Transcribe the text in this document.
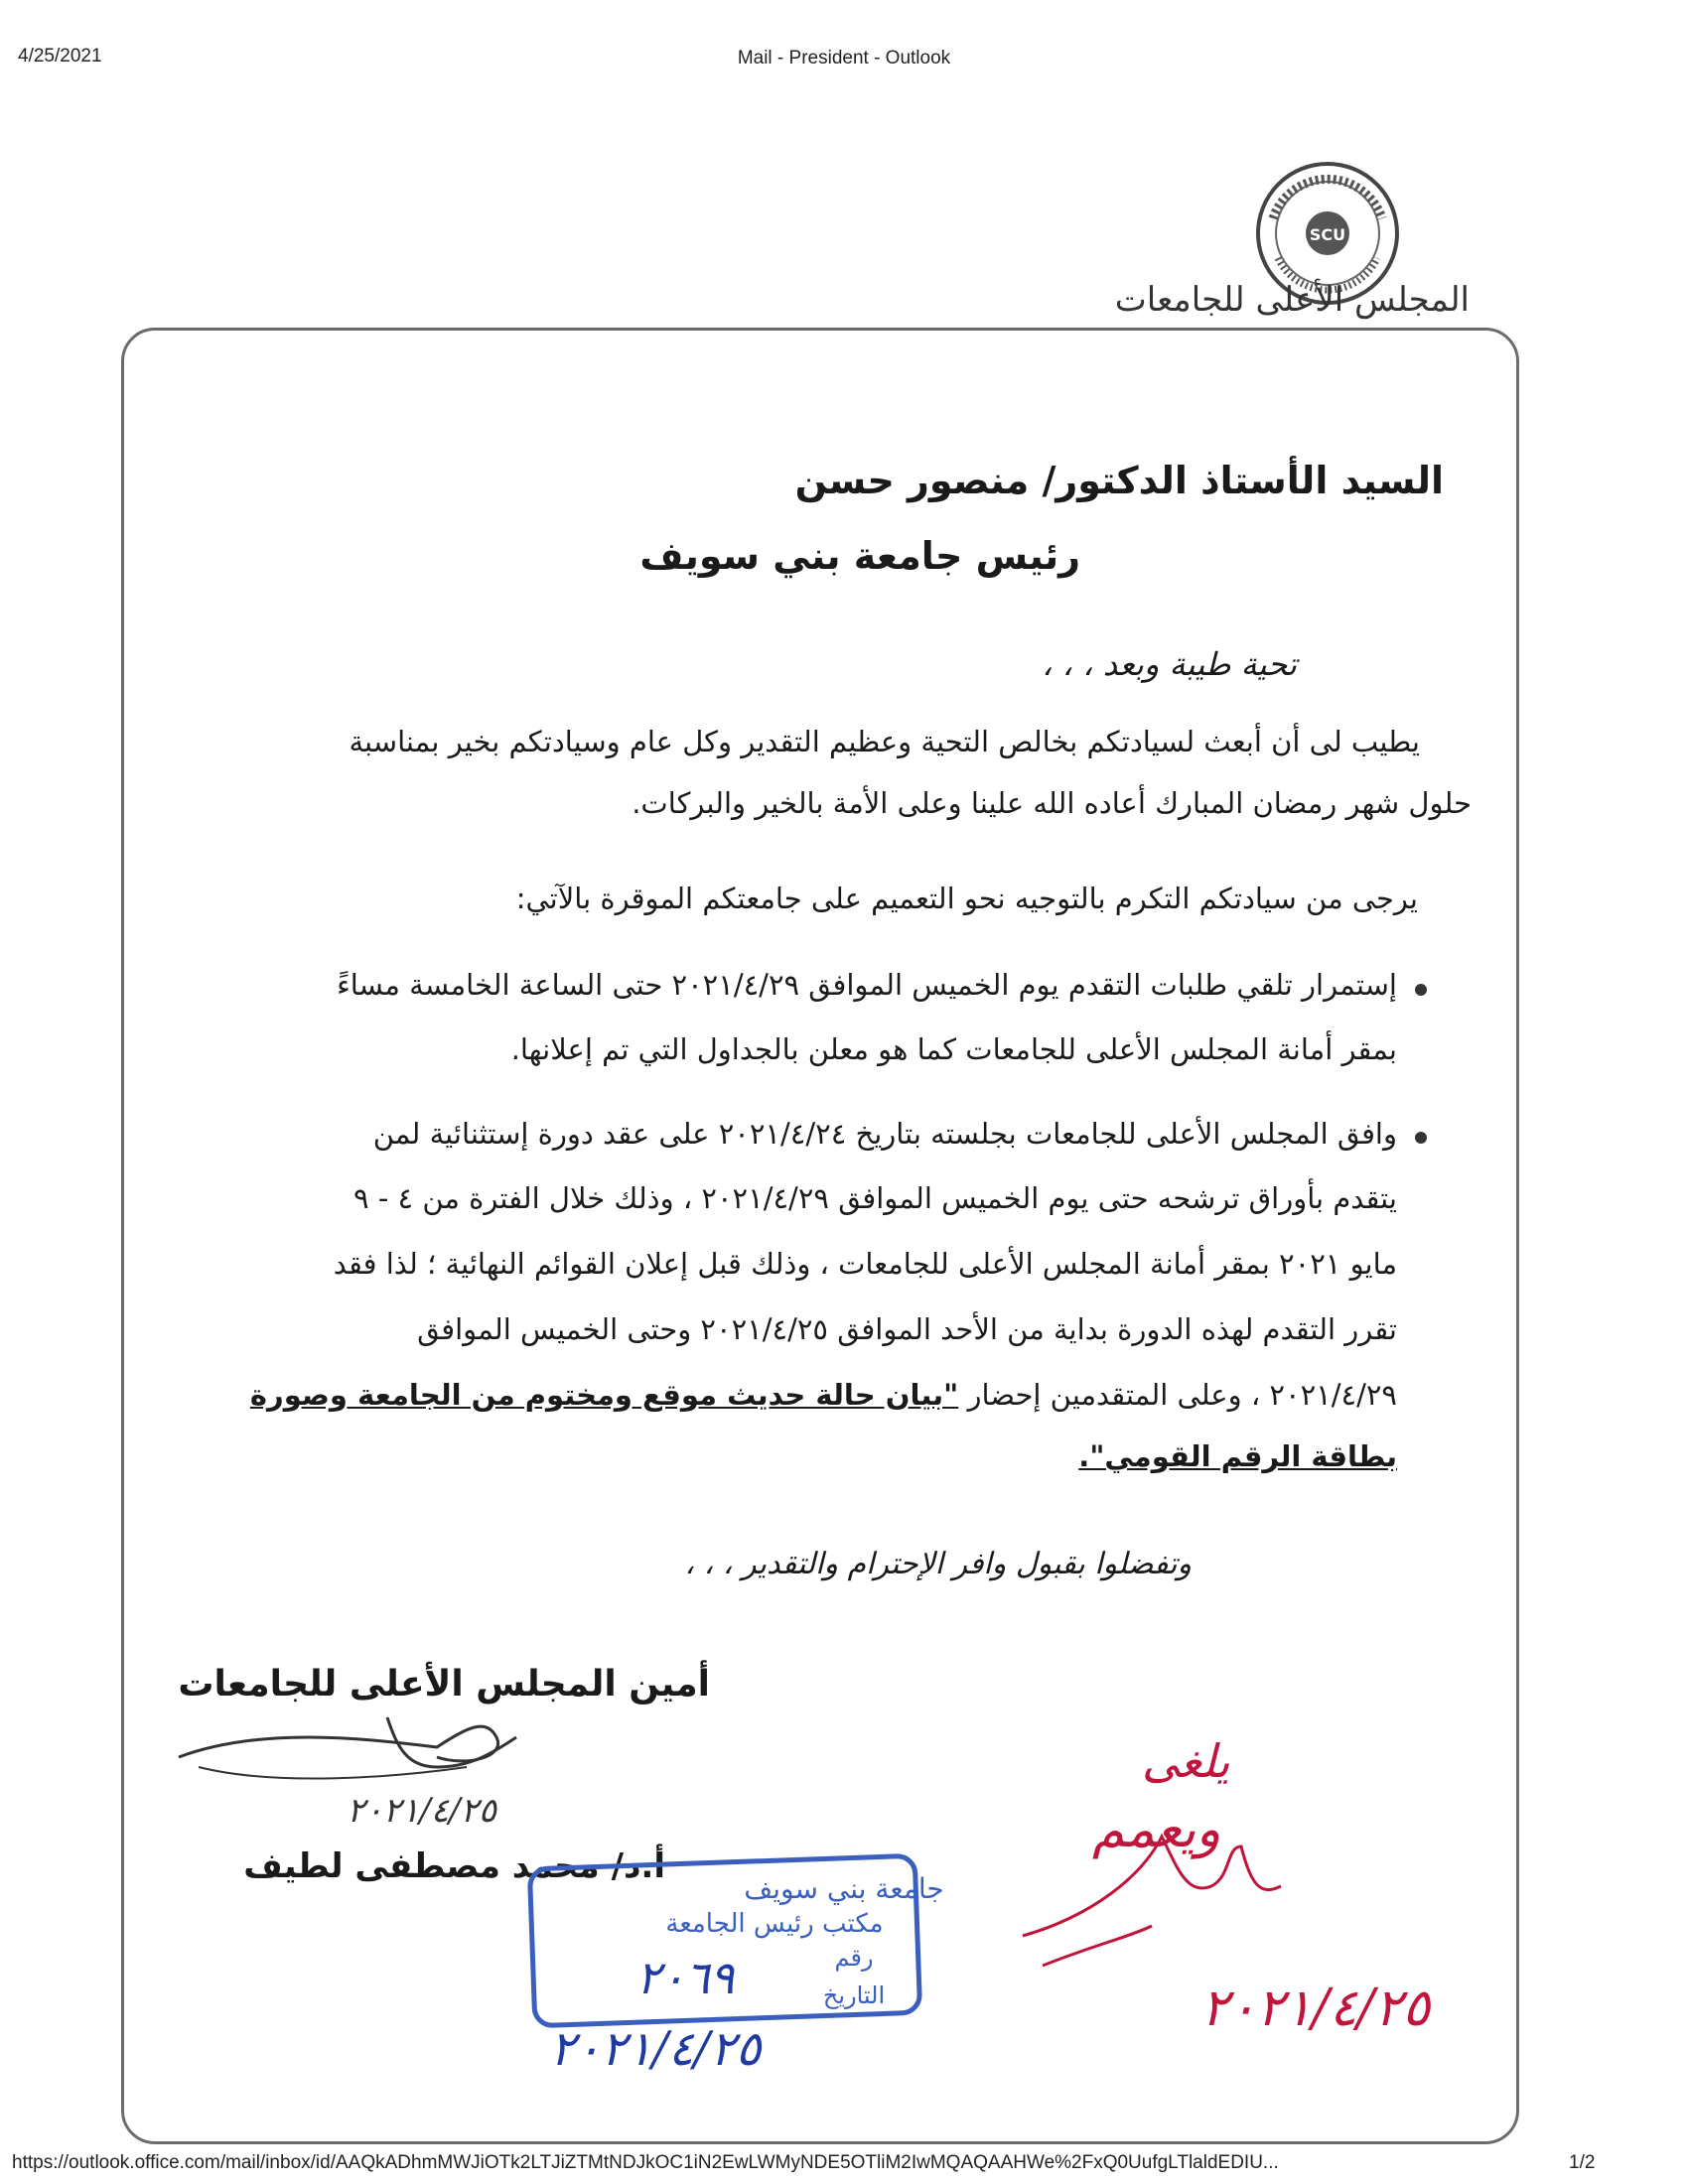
4/25/2021	Mail - President - Outlook
SCU
المجلس الأعلى للجامعات
السيد الأستاذ الدكتور/ منصور حسن
رئيس جامعة بني سويف
تحية طيبة وبعد ، ، ،
يطيب لى أن أبعث لسيادتكم بخالص التحية وعظيم التقدير وكل عام وسيادتكم بخير بمناسبة
حلول شهر رمضان المبارك أعاده الله علينا وعلى الأمة بالخير والبركات.
يرجى من سيادتكم التكرم بالتوجيه نحو التعميم على جامعتكم الموقرة بالآتي:
إستمرار تلقي طلبات التقدم يوم الخميس الموافق ٢٠٢١/٤/٢٩ حتى الساعة الخامسة مساءً
بمقر أمانة المجلس الأعلى للجامعات كما هو معلن بالجداول التي تم إعلانها.
وافق المجلس الأعلى للجامعات بجلسته بتاريخ ٢٠٢١/٤/٢٤ على عقد دورة إستثنائية لمن
يتقدم بأوراق ترشحه حتى يوم الخميس الموافق ٢٠٢١/٤/٢٩ ، وذلك خلال الفترة من ٤ - ٩
مايو ٢٠٢١ بمقر أمانة المجلس الأعلى للجامعات ، وذلك قبل إعلان القوائم النهائية ؛ لذا فقد
تقرر التقدم لهذه الدورة بداية من الأحد الموافق ٢٠٢١/٤/٢٥ وحتى الخميس الموافق
٢٠٢١/٤/٢٩ ، وعلى المتقدمين إحضار "بيان حالة حديث موقع ومختوم من الجامعة وصورة
بطاقة الرقم القومي".
وتفضلوا بقبول وافر الإحترام والتقدير ، ، ،
أمين المجلس الأعلى للجامعات
٢٠٢١/٤/٢٥
أ.د/ محمد مصطفى لطيف
جامعة بني سويف
مكتب رئيس الجامعة
رقم
التاريخ
٢٠٦٩
٢٠٢١/٤/٢٥
يلغى
ويعمم
٢٠٢١/٤/٢٥
https://outlook.office.com/mail/inbox/id/AAQkADhmMWJiOTk2LTJiZTMtNDJkOC1iN2EwLWMyNDE5OTliM2IwMQAQAAHWe%2FxQ0UufgLTlaldEDIU...	1/2
